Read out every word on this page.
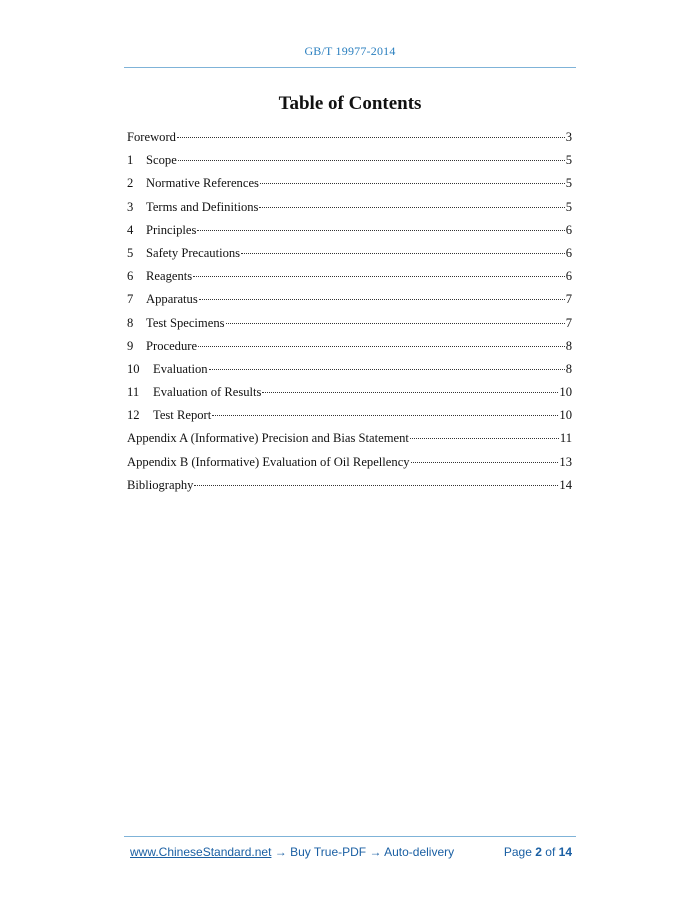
GB/T 19977-2014
Table of Contents
Foreword	3
1	Scope	5
2	Normative References	5
3	Terms and Definitions	5
4	Principles	6
5	Safety Precautions	6
6	Reagents	6
7	Apparatus	7
8	Test Specimens	7
9	Procedure	8
10	Evaluation	8
11	Evaluation of Results	10
12	Test Report	10
Appendix A (Informative) Precision and Bias Statement	11
Appendix B (Informative) Evaluation of Oil Repellency	13
Bibliography	14
www.ChineseStandard.net → Buy True-PDF → Auto-delivery	Page 2 of 14
